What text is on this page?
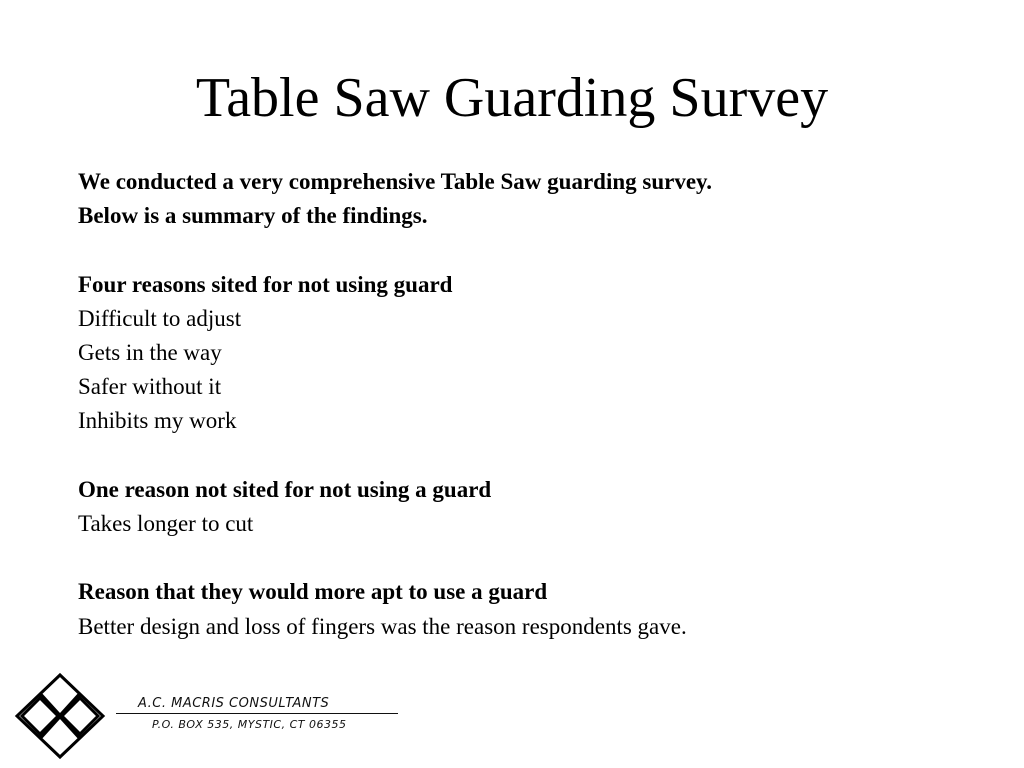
Table Saw Guarding Survey
We conducted a very comprehensive Table Saw guarding survey.
Below is a summary of the findings.
Four reasons sited for not using guard
Difficult to adjust
Gets in the way
Safer without it
Inhibits my work
One reason not sited for not using a guard
Takes longer to cut
Reason that they would more apt to use a guard
Better design and loss of fingers was the reason respondents gave.
A.C. MACRIS CONSULTANTS
P.O. BOX 535, MYSTIC, CT 06355
